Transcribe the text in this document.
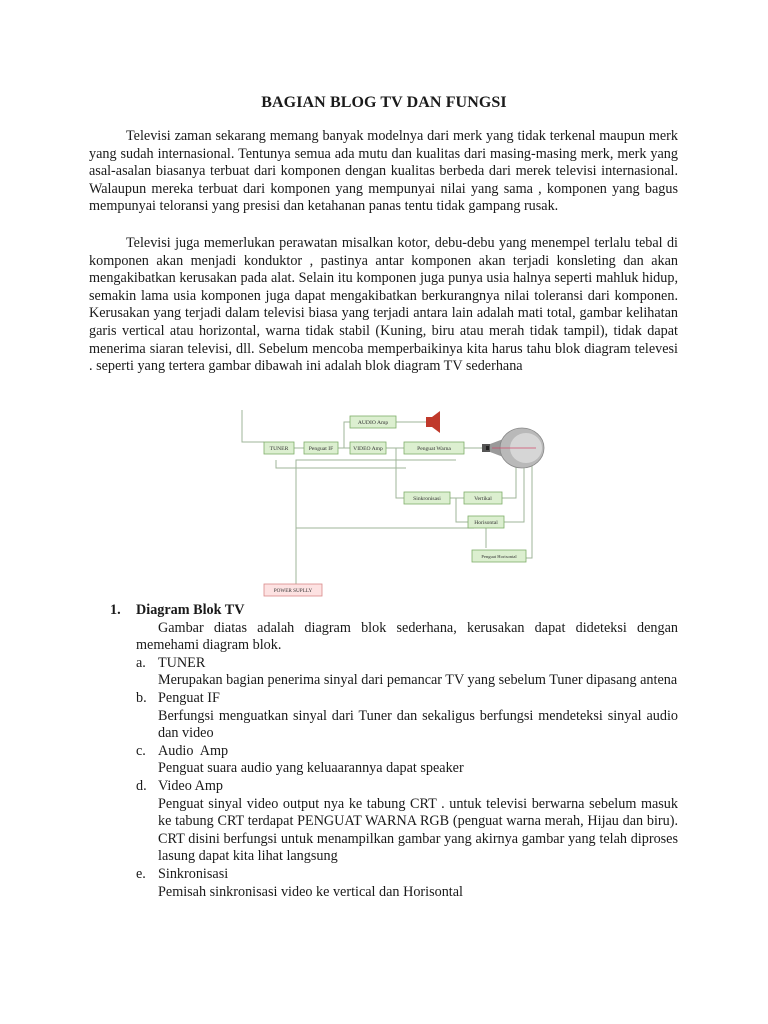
BAGIAN BLOG TV DAN FUNGSI

Televisi zaman sekarang memang banyak modelnya dari merk yang tidak terkenal maupun merk yang sudah internasional. Tentunya semua ada mutu dan kualitas dari masing-masing merk, merk yang asal-asalan biasanya terbuat dari komponen dengan kualitas berbeda dari merek televisi internasional. Walaupun mereka terbuat dari komponen yang mempunyai nilai yang sama , komponen yang bagus mempunyai teloransi yang presisi dan ketahanan panas tentu tidak gampang rusak.

Televisi juga memerlukan perawatan misalkan kotor, debu-debu yang menempel terlalu tebal di komponen akan menjadi konduktor , pastinya antar komponen akan terjadi konsleting dan akan mengakibatkan kerusakan pada alat. Selain itu komponen juga punya usia halnya seperti mahluk hidup, semakin lama usia komponen juga dapat mengakibatkan berkurangnya nilai toleransi dari komponen. Kerusakan yang terjadi dalam televisi biasa yang terjadi antara lain adalah mati total, gambar kelihatan garis vertical atau horizontal, warna tidak stabil (Kuning, biru atau merah tidak tampil), tidak dapat menerima siaran televisi, dll. Sebelum mencoba memperbaikinya kita harus tahu blok diagram televesi . seperti yang tertera gambar dibawah ini adalah blok diagram TV sederhana

AUDIO Amp
TUNER	Penguat IF	VIDEO Amp	Penguat Warna
Sinkronisasi	Vertikal
Horisontal
Penguat Horisontal
POWER SUPLLY
1. Diagram Blok TV

Gambar diatas adalah diagram blok sederhana, kerusakan dapat dideteksi dengan memehami diagram blok.

a. TUNER
Merupakan bagian penerima sinyal dari pemancar TV yang sebelum Tuner dipasang antena
b. Penguat IF
Berfungsi menguatkan sinyal dari Tuner dan sekaligus berfungsi mendeteksi sinyal audio dan video
c. Audio  Amp
Penguat suara audio yang keluaarannya dapat speaker
d. Video Amp
Penguat sinyal video output nya ke tabung CRT . untuk televisi berwarna sebelum masuk ke tabung CRT terdapat PENGUAT WARNA RGB (penguat warna merah, Hijau dan biru). CRT disini berfungsi untuk menampilkan gambar yang akirnya gambar yang telah diproses lasung dapat kita lihat langsung
e. Sinkronisasi
Pemisah sinkronisasi video ke vertical dan Horisontal
